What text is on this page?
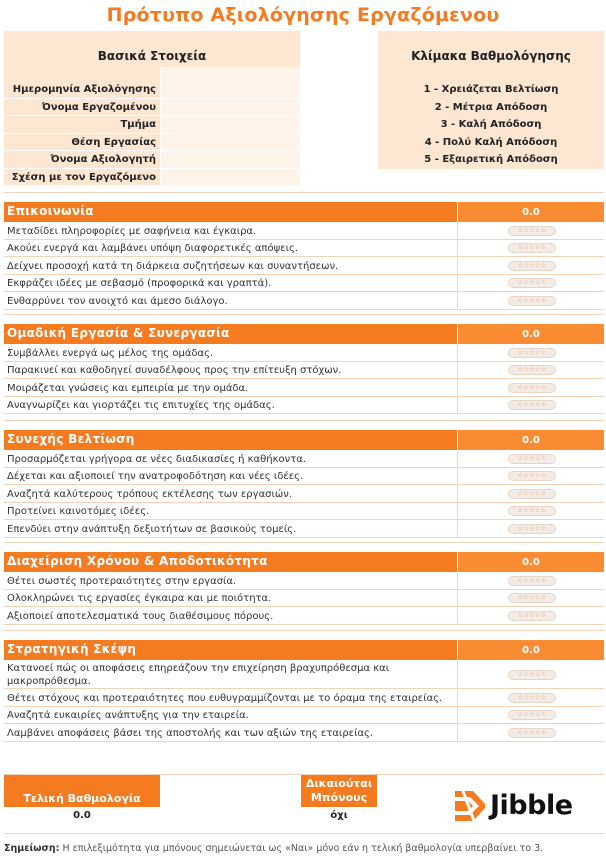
Πρότυπο Αξιολόγησης Εργαζόμενου
Βασικά Στοιχεία	Κλίμακα Βαθμολόγησης
Ημερομηνία Αξιολόγησης
Όνομα Εργαζομένου
Τμήμα
Θέση Εργασίας
Όνομα Αξιολογητή
Σχέση με τον Εργαζόμενο
1 - Χρειάζεται Βελτίωση
2 - Μέτρια Απόδοση
3 - Καλή Απόδοση
4 - Πολύ Καλή Απόδοση
5 - Εξαιρετική Απόδοση
Επικοινωνία	0.0
Μεταδίδει πληροφορίες με σαφήνεια και έγκαιρα.	☆☆☆☆☆
Ακούει ενεργά και λαμβάνει υπόψη διαφορετικές απόψεις.	☆☆☆☆☆
Δείχνει προσοχή κατά τη διάρκεια συζητήσεων και συναντήσεων.	☆☆☆☆☆
Εκφράζει ιδέες με σεβασμό (προφορικά και γραπτά).	☆☆☆☆☆
Ενθαρρύνει τον ανοιχτό και άμεσο διάλογο.	☆☆☆☆☆
Ομαδική Εργασία & Συνεργασία	0.0
Συμβάλλει ενεργά ως μέλος της ομάδας.	☆☆☆☆☆
Παρακινεί και καθοδηγεί συναδέλφους προς την επίτευξη στόχων.	☆☆☆☆☆
Μοιράζεται γνώσεις και εμπειρία με την ομάδα.	☆☆☆☆☆
Αναγνωρίζει και γιορτάζει τις επιτυχίες της ομάδας.	☆☆☆☆☆
Συνεχής Βελτίωση	0.0
Προσαρμόζεται γρήγορα σε νέες διαδικασίες ή καθήκοντα.	☆☆☆☆☆
Δέχεται και αξιοποιεί την ανατροφοδότηση και νέες ιδέες.	☆☆☆☆☆
Αναζητά καλύτερους τρόπους εκτέλεσης των εργασιών.	☆☆☆☆☆
Προτείνει καινοτόμες ιδέες.	☆☆☆☆☆
Επενδύει στην ανάπτυξη δεξιοτήτων σε βασικούς τομείς.	☆☆☆☆☆
Διαχείριση Χρόνου & Αποδοτικότητα	0.0
Θέτει σωστές προτεραιότητες στην εργασία.	☆☆☆☆☆
Ολοκληρώνει τις εργασίες έγκαιρα και με ποιότητα.	☆☆☆☆☆
Αξιοποιεί αποτελεσματικά τους διαθέσιμους πόρους.	☆☆☆☆☆
Στρατηγική Σκέψη	0.0
Κατανοεί πώς οι αποφάσεις επηρεάζουν την επιχείρηση βραχυπρόθεσμα και μακροπρόθεσμα.
☆☆☆☆☆
Θέτει στόχους και προτεραιότητες που ευθυγραμμίζονται με το όραμα της εταιρείας.	☆☆☆☆☆
Αναζητά ευκαιρίες ανάπτυξης για την εταιρεία.	☆☆☆☆☆
Λαμβάνει αποφάσεις βάσει της αποστολής και των αξιών της εταιρείας.	☆☆☆☆☆
Τελική Βαθμολογία
0.0
Δικαιούται Μπόνους
όχι	Jibble
Σημείωση: Η επιλεξιμότητα για μπόνους σημειώνεται ως «Ναι» μόνο εάν η τελική βαθμολογία υπερβαίνει το 3.
